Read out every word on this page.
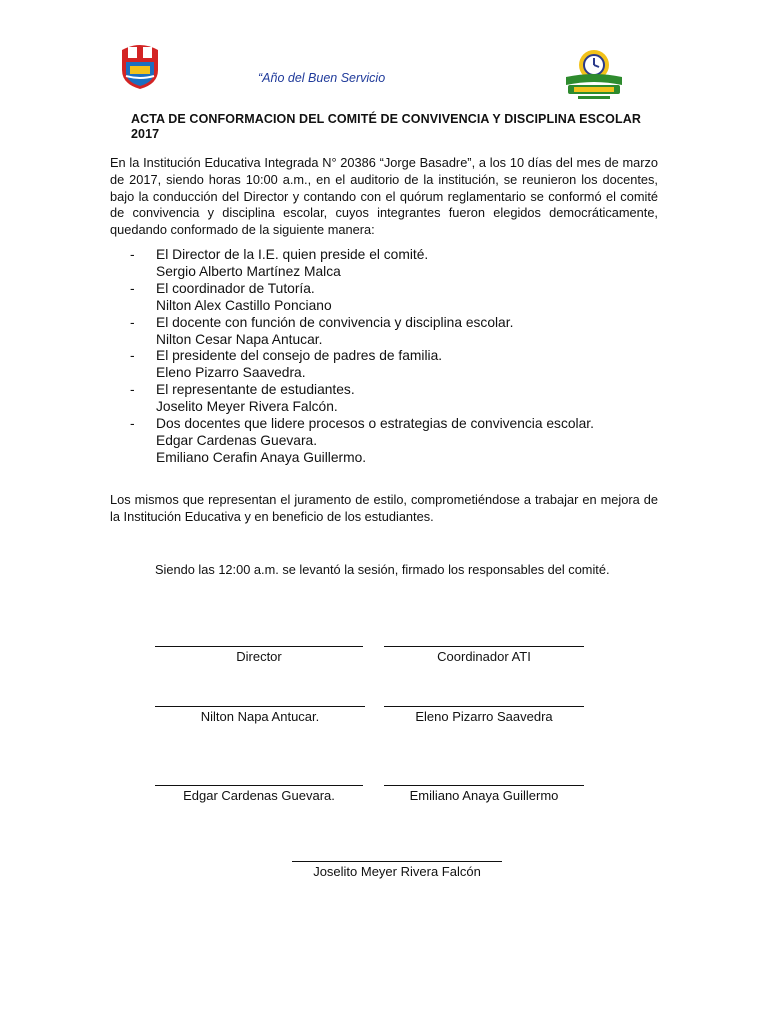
“Año del Buen Servicio
ACTA DE CONFORMACION DEL COMITÉ DE CONVIVENCIA Y DISCIPLINA ESCOLAR 2017
En la Institución Educativa Integrada N° 20386 “Jorge Basadre”, a los 10 días del mes de marzo de 2017, siendo horas 10:00 a.m., en el auditorio de la institución, se reunieron los docentes, bajo la conducción del Director y contando con el quórum reglamentario se conformó el comité de convivencia y disciplina escolar, cuyos integrantes fueron elegidos democráticamente, quedando conformado de la siguiente manera:
- El Director de la I.E. quien preside el comité.
Sergio Alberto Martínez Malca
- El coordinador de Tutoría.
Nilton Alex Castillo Ponciano
- El docente con función de convivencia y disciplina escolar.
Nilton Cesar Napa Antucar.
- El presidente del consejo de padres de familia.
Eleno Pizarro Saavedra.
- El representante de estudiantes.
Joselito Meyer Rivera Falcón.
- Dos docentes que lidere procesos o estrategias de convivencia escolar.
Edgar Cardenas Guevara.
Emiliano Cerafin Anaya Guillermo.
Los mismos que representan el juramento de estilo, comprometiéndose a trabajar en mejora de la Institución Educativa y en beneficio de los estudiantes.
Siendo las 12:00 a.m. se levantó la sesión, firmado los responsables del comité.
Director	Coordinador ATI
Nilton Napa Antucar.	Eleno Pizarro Saavedra
Edgar Cardenas Guevara.	Emiliano Anaya Guillermo
Joselito Meyer Rivera Falcón
